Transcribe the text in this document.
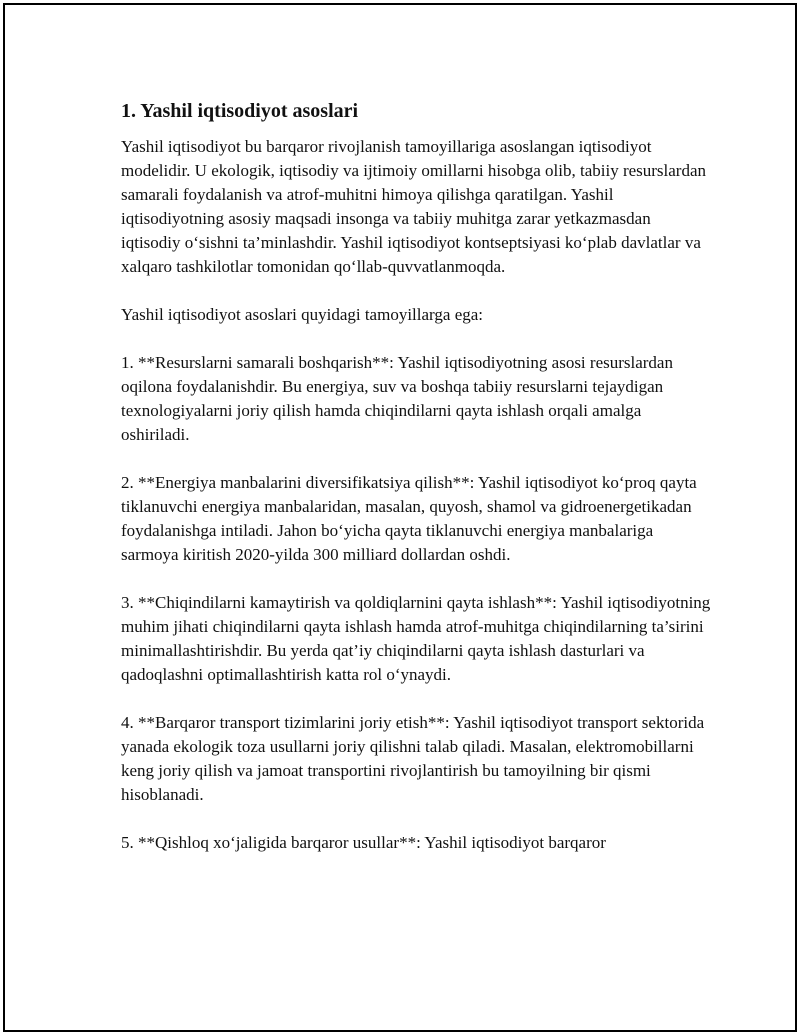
1. Yashil iqtisodiyot asoslari

Yashil iqtisodiyot bu barqaror rivojlanish tamoyillariga asoslangan iqtisodiyot modelidir. U ekologik, iqtisodiy va ijtimoiy omillarni hisobga olib, tabiiy resurslardan samarali foydalanish va atrof-muhitni himoya qilishga qaratilgan. Yashil iqtisodiyotning asosiy maqsadi insonga va tabiiy muhitga zarar yetkazmasdan iqtisodiy o‘sishni ta’minlashdir. Yashil iqtisodiyot kontseptsiyasi ko‘plab davlatlar va xalqaro tashkilotlar tomonidan qo‘llab-quvvatlanmoqda.

Yashil iqtisodiyot asoslari quyidagi tamoyillarga ega:

1. **Resurslarni samarali boshqarish**: Yashil iqtisodiyotning asosi resurslardan oqilona foydalanishdir. Bu energiya, suv va boshqa tabiiy resurslarni tejaydigan texnologiyalarni joriy qilish hamda chiqindilarni qayta ishlash orqali amalga oshiriladi.

2. **Energiya manbalarini diversifikatsiya qilish**: Yashil iqtisodiyot ko‘proq qayta tiklanuvchi energiya manbalaridan, masalan, quyosh, shamol va gidroenergetikadan foydalanishga intiladi. Jahon bo‘yicha qayta tiklanuvchi energiya manbalariga sarmoya kiritish 2020-yilda 300 milliard dollardan oshdi.

3. **Chiqindilarni kamaytirish va qoldiqlarnini qayta ishlash**: Yashil iqtisodiyotning muhim jihati chiqindilarni qayta ishlash hamda atrof-muhitga chiqindilarning ta’sirini minimallashtirishdir. Bu yerda qat’iy chiqindilarni qayta ishlash dasturlari va qadoqlashni optimallashtirish katta rol o‘ynaydi.

4. **Barqaror transport tizimlarini joriy etish**: Yashil iqtisodiyot transport sektorida yanada ekologik toza usullarni joriy qilishni talab qiladi. Masalan, elektromobillarni keng joriy qilish va jamoat transportini rivojlantirish bu tamoyilning bir qismi hisoblanadi.

5. **Qishloq xo‘jaligida barqaror usullar**: Yashil iqtisodiyot barqaror
